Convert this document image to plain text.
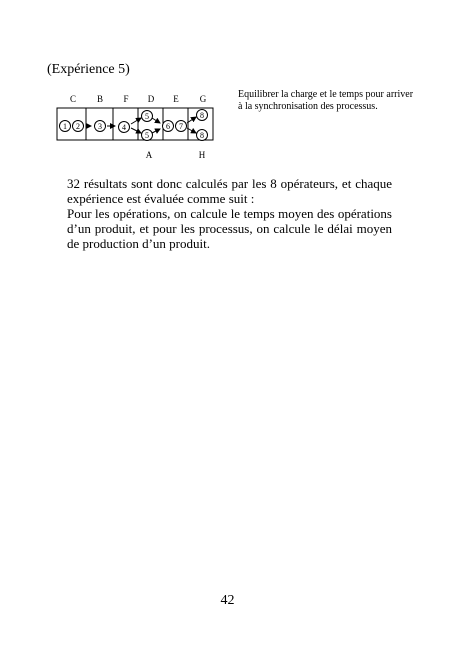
(Expérience 5)
C B F D E G
1 2 3	4
5
5
6 7
8
8
A	H
Equilibrer la charge et le temps pour arriver à la synchronisation des processus.

32 résultats sont donc calculés par les 8 opérateurs, et chaque expérience est évaluée comme suit :

Pour les opérations, on calcule le temps moyen des opérations d’un produit, et pour les processus, on calcule le délai moyen de production d’un produit.

42
